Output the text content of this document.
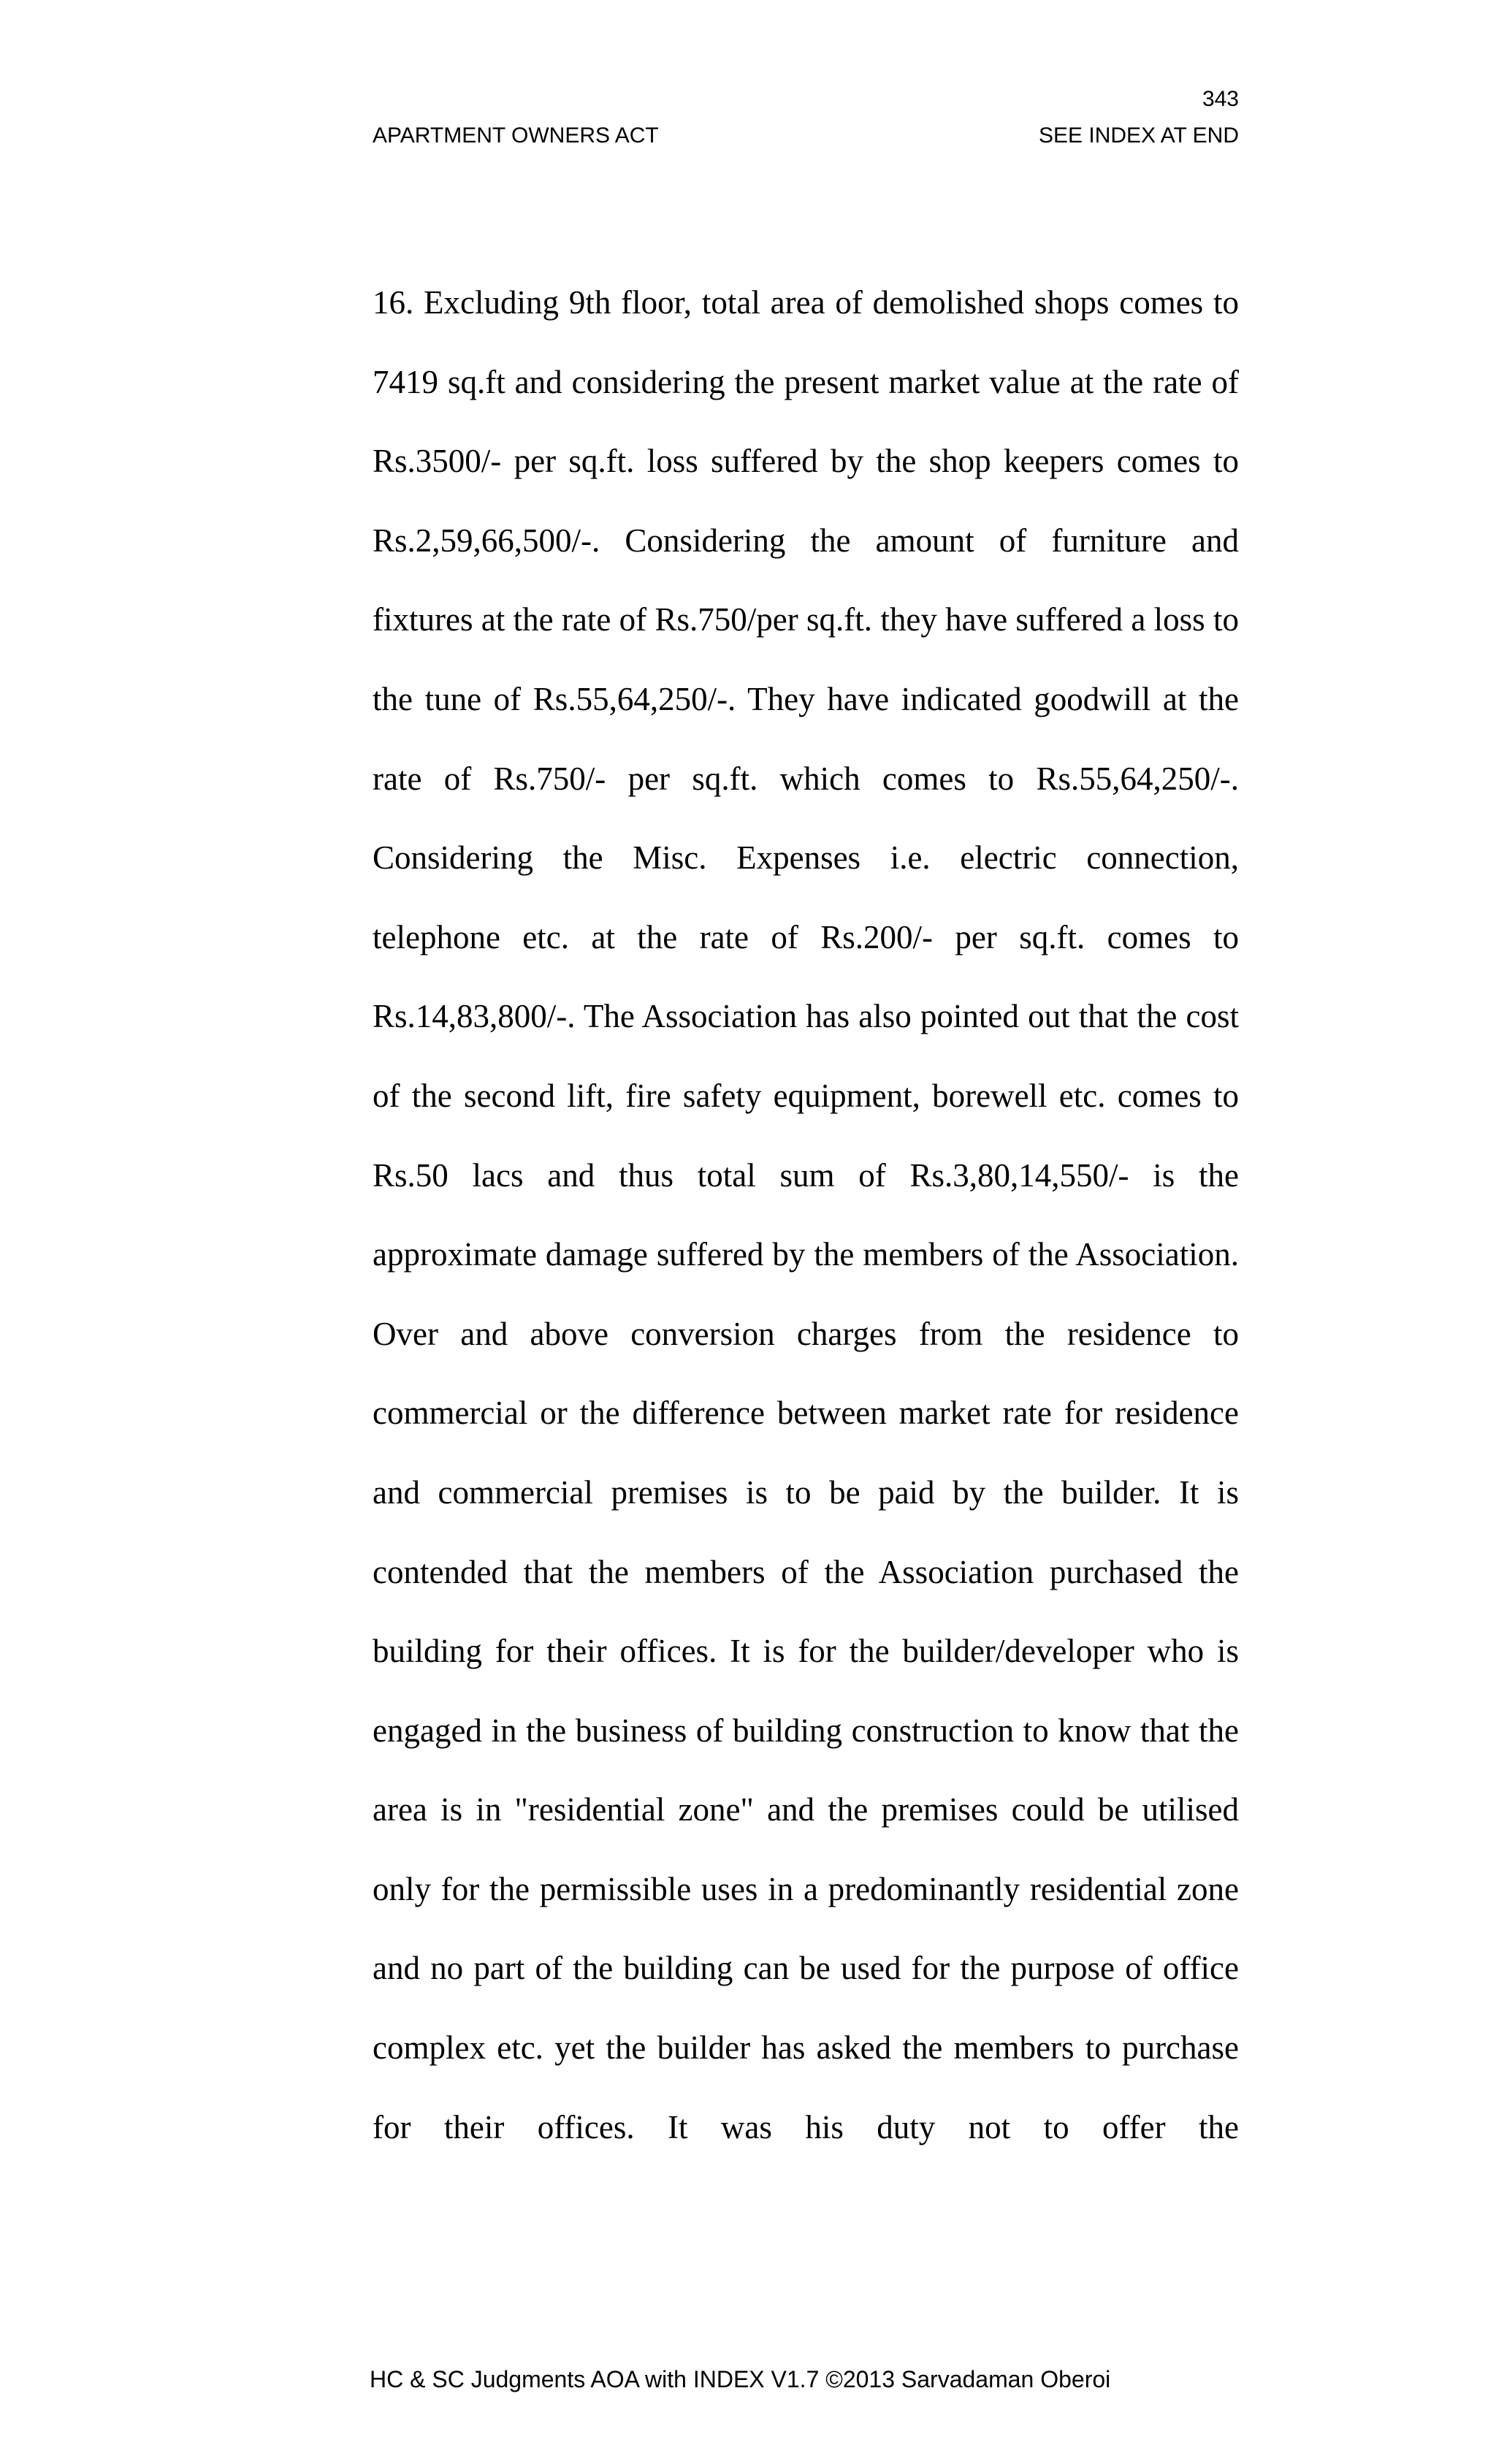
343
APARTMENT OWNERS ACT	SEE INDEX AT END

16. Excluding 9th floor, total area of demolished shops comes to 7419 sq.ft and considering the present market value at the rate of Rs.3500/- per sq.ft. loss suffered by the shop keepers comes to Rs.2,59,66,500/-. Considering the amount of furniture and fixtures at the rate of Rs.750/per sq.ft. they have suffered a loss to the tune of Rs.55,64,250/-. They have indicated goodwill at the rate of Rs.750/- per sq.ft. which comes to Rs.55,64,250/-. Considering the Misc. Expenses i.e. electric connection, telephone etc. at the rate of Rs.200/- per sq.ft. comes to Rs.14,83,800/-. The Association has also pointed out that the cost of the second lift, fire safety equipment, borewell etc. comes to Rs.50 lacs and thus total sum of Rs.3,80,14,550/- is the approximate damage suffered by the members of the Association. Over and above conversion charges from the residence to commercial or the difference between market rate for residence and commercial premises is to be paid by the builder. It is contended that the members of the Association purchased the building for their offices. It is for the builder/developer who is engaged in the business of building construction to know that the area is in "residential zone" and the premises could be utilised only for the permissible uses in a predominantly residential zone and no part of the building can be used for the purpose of office complex etc. yet the builder has asked the members to purchase for their offices. It was his duty not to offer the

HC & SC Judgments AOA with INDEX V1.7 ©2013 Sarvadaman Oberoi
